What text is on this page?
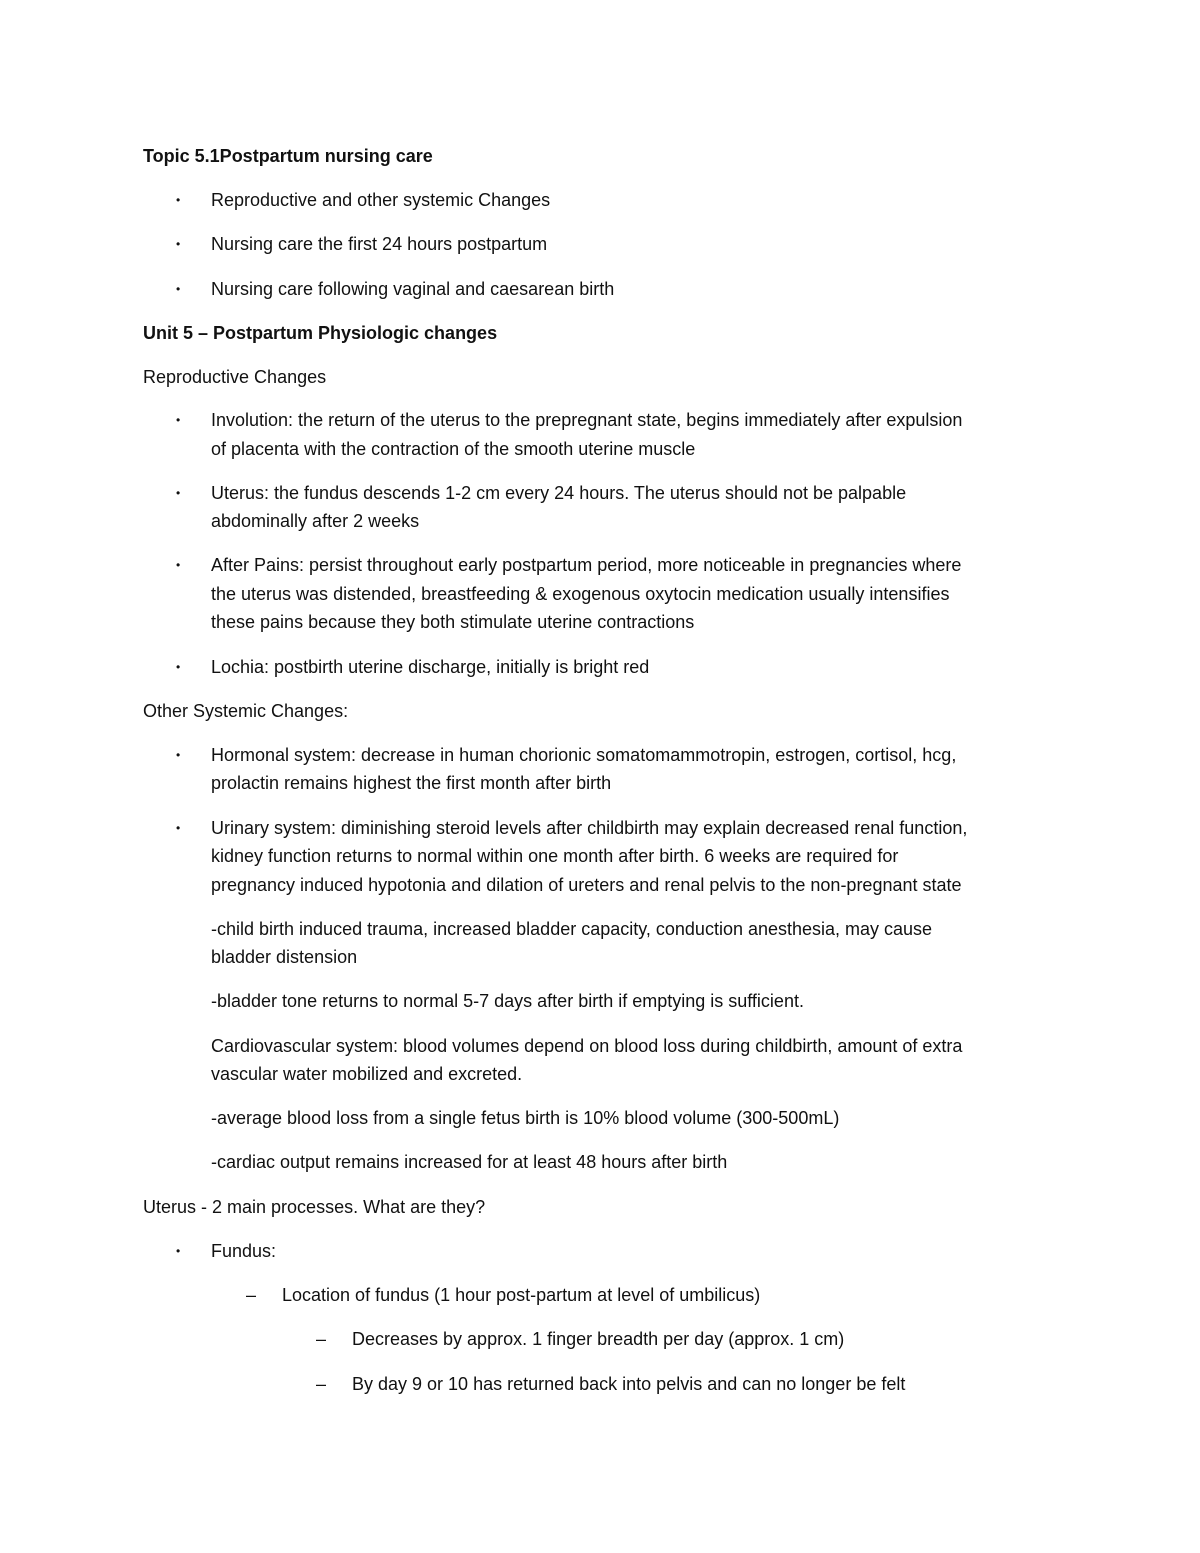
Topic 5.1Postpartum nursing care
• Reproductive and other systemic Changes
• Nursing care the first 24 hours postpartum
• Nursing care following vaginal and caesarean birth
Unit 5 – Postpartum Physiologic changes
Reproductive Changes
• Involution: the return of the uterus to the prepregnant state, begins immediately after expulsion
of placenta with the contraction of the smooth uterine muscle
• Uterus: the fundus descends 1-2 cm every 24 hours. The uterus should not be palpable
abdominally after 2 weeks
• After Pains: persist throughout early postpartum period, more noticeable in pregnancies where
the uterus was distended, breastfeeding & exogenous oxytocin medication usually intensifies
these pains because they both stimulate uterine contractions
• Lochia: postbirth uterine discharge, initially is bright red
Other Systemic Changes:
• Hormonal system: decrease in human chorionic somatomammotropin, estrogen, cortisol, hcg,
prolactin remains highest the first month after birth
• Urinary system: diminishing steroid levels after childbirth may explain decreased renal function,
kidney function returns to normal within one month after birth. 6 weeks are required for
pregnancy induced hypotonia and dilation of ureters and renal pelvis to the non-pregnant state
-child birth induced trauma, increased bladder capacity, conduction anesthesia, may cause
bladder distension
-bladder tone returns to normal 5-7 days after birth if emptying is sufficient.
Cardiovascular system: blood volumes depend on blood loss during childbirth, amount of extra
vascular water mobilized and excreted.
-average blood loss from a single fetus birth is 10% blood volume (300-500mL)
-cardiac output remains increased for at least 48 hours after birth
Uterus - 2 main processes. What are they?
• Fundus:
– Location of fundus (1 hour post-partum at level of umbilicus)
– Decreases by approx. 1 finger breadth per day (approx. 1 cm)
– By day 9 or 10 has returned back into pelvis and can no longer be felt
